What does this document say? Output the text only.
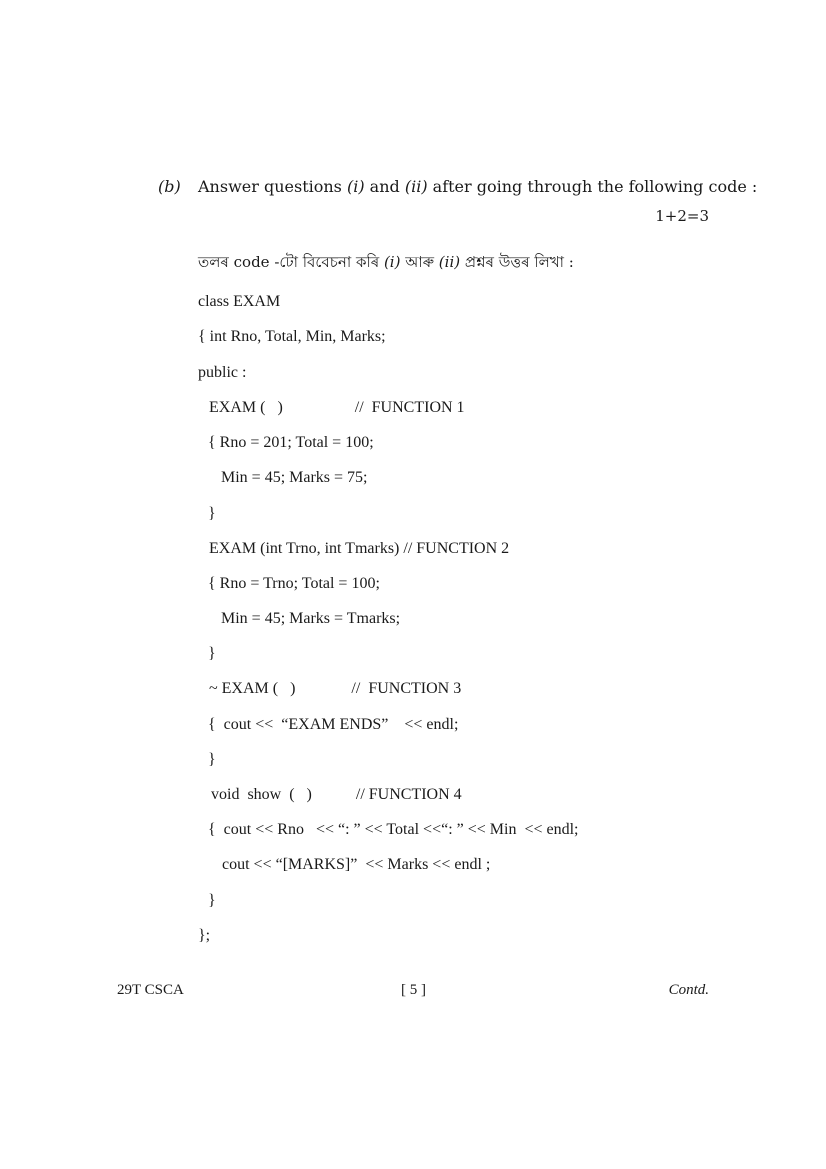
(b) Answer questions (i) and (ii) after going through the following code :
1+2=3
তলৰ code -টো বিবেচনা কৰি (i) আৰু (ii) প্ৰশ্নৰ উত্তৰ লিখা :
class EXAM
{ int Rno, Total, Min, Marks;
public :
EXAM (   )                  //  FUNCTION 1
{ Rno = 201; Total = 100;
Min = 45; Marks = 75;
}
EXAM (int Trno, int Tmarks) // FUNCTION 2
{ Rno = Trno; Total = 100;
Min = 45; Marks = Tmarks;
}
~ EXAM (   )              //  FUNCTION 3
{  cout <<  “EXAM ENDS”    << endl;
}
void  show  (   )           // FUNCTION 4
{  cout << Rno   << “: ” << Total <<“: ” << Min  << endl;
cout << “[MARKS]”  << Marks << endl ;
}
};
29T CSCA	[ 5 ]	Contd.
